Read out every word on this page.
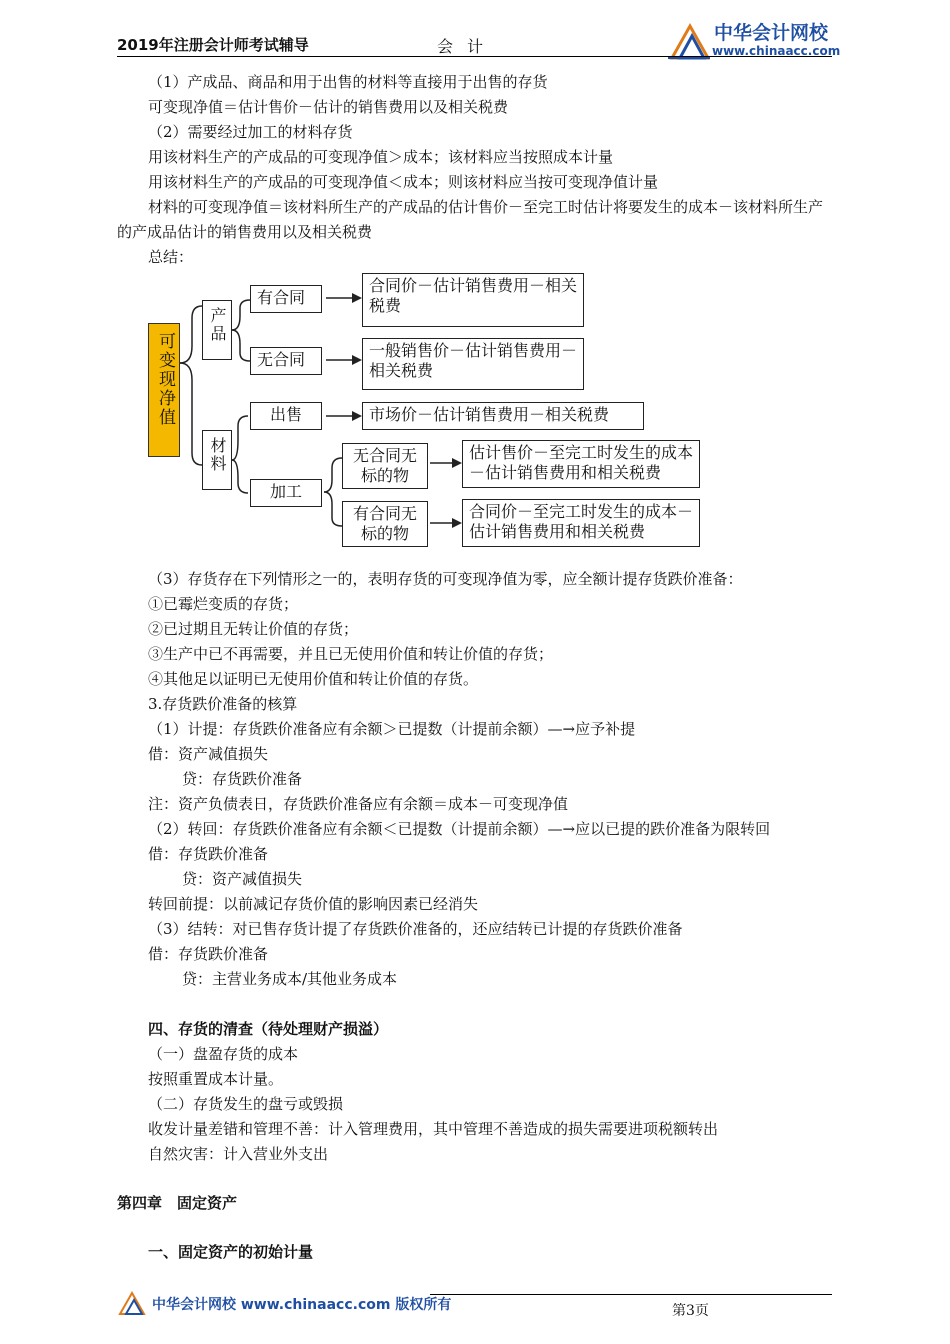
2019年注册会计师考试辅导	会计
中华会计网校
www.chinaacc.com
（1）产成品、商品和用于出售的材料等直接用于出售的存货
可变现净值＝估计售价－估计的销售费用以及相关税费
（2）需要经过加工的材料存货
用该材料生产的产成品的可变现净值＞成本；该材料应当按照成本计量
用该材料生产的产成品的可变现净值＜成本；则该材料应当按可变现净值计量
材料的可变现净值＝该材料所生产的产成品的估计售价－至完工时估计将要发生的成本－该材料所生产的产成品估计的销售费用以及相关税费
总结：
可变现净值
产品
材料
有合同
无合同
出售
加工
无合同无标的物
有合同无标的物
合同价－估计销售费用－相关税费
一般销售价－估计销售费用－相关税费
市场价－估计销售费用－相关税费
估计售价－至完工时发生的成本－估计销售费用和相关税费
合同价－至完工时发生的成本－估计销售费用和相关税费
（3）存货存在下列情形之一的，表明存货的可变现净值为零，应全额计提存货跌价准备：
①已霉烂变质的存货；
②已过期且无转让价值的存货；
③生产中已不再需要，并且已无使用价值和转让价值的存货；
④其他足以证明已无使用价值和转让价值的存货。
3.存货跌价准备的核算
（1）计提：存货跌价准备应有余额＞已提数（计提前余额）—→应予补提
借：资产减值损失
贷：存货跌价准备
注：资产负债表日，存货跌价准备应有余额＝成本－可变现净值
（2）转回：存货跌价准备应有余额＜已提数（计提前余额）—→应以已提的跌价准备为限转回
借：存货跌价准备
贷：资产减值损失
转回前提：以前减记存货价值的影响因素已经消失
（3）结转：对已售存货计提了存货跌价准备的，还应结转已计提的存货跌价准备
借：存货跌价准备
贷：主营业务成本/其他业务成本
四、存货的清查（待处理财产损溢）
（一）盘盈存货的成本
按照重置成本计量。
（二）存货发生的盘亏或毁损
收发计量差错和管理不善：计入管理费用，其中管理不善造成的损失需要进项税额转出
自然灾害：计入营业外支出
第四章　固定资产
一、固定资产的初始计量
中华会计网校 www.chinaacc.com 版权所有	第3页
